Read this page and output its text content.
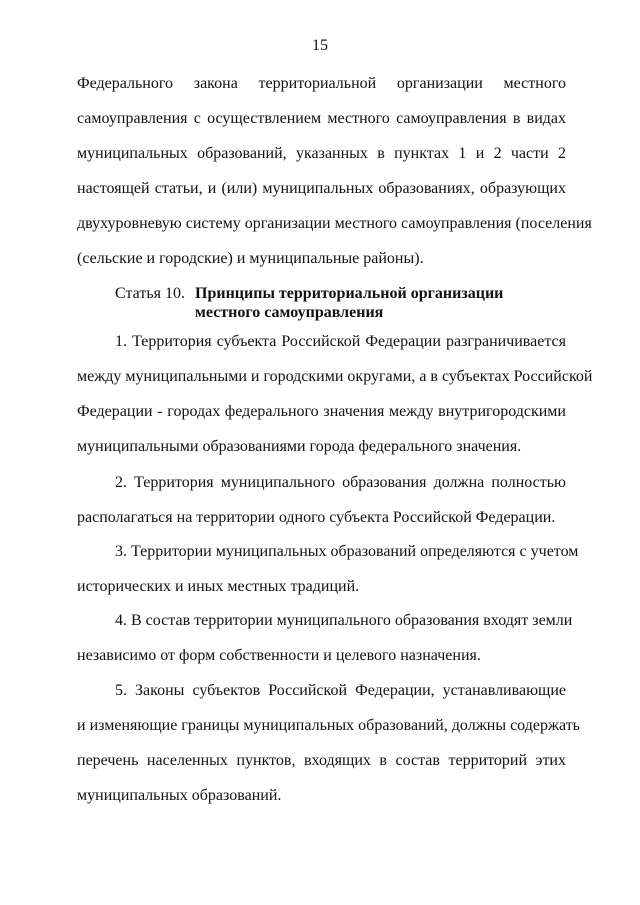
15
Федерального закона территориальной организации местного
самоуправления с осуществлением местного самоуправления в видах
муниципальных образований, указанных в пунктах 1 и 2 части 2
настоящей статьи, и (или) муниципальных образованиях, образующих
двухуровневую систему организации местного самоуправления (поселения
(сельские и городские) и муниципальные районы).
Статья 10. Принципы территориальной организации местного самоуправления
1. Территория субъекта Российской Федерации разграничивается
между муниципальными и городскими округами, а в субъектах Российской
Федерации - городах федерального значения между внутригородскими
муниципальными образованиями города федерального значения.
2. Территория муниципального образования должна полностью
располагаться на территории одного субъекта Российской Федерации.
3. Территории муниципальных образований определяются с учетом
исторических и иных местных традиций.
4. В состав территории муниципального образования входят земли
независимо от форм собственности и целевого назначения.
5. Законы субъектов Российской Федерации, устанавливающие
и изменяющие границы муниципальных образований, должны содержать
перечень населенных пунктов, входящих в состав территорий этих
муниципальных образований.
